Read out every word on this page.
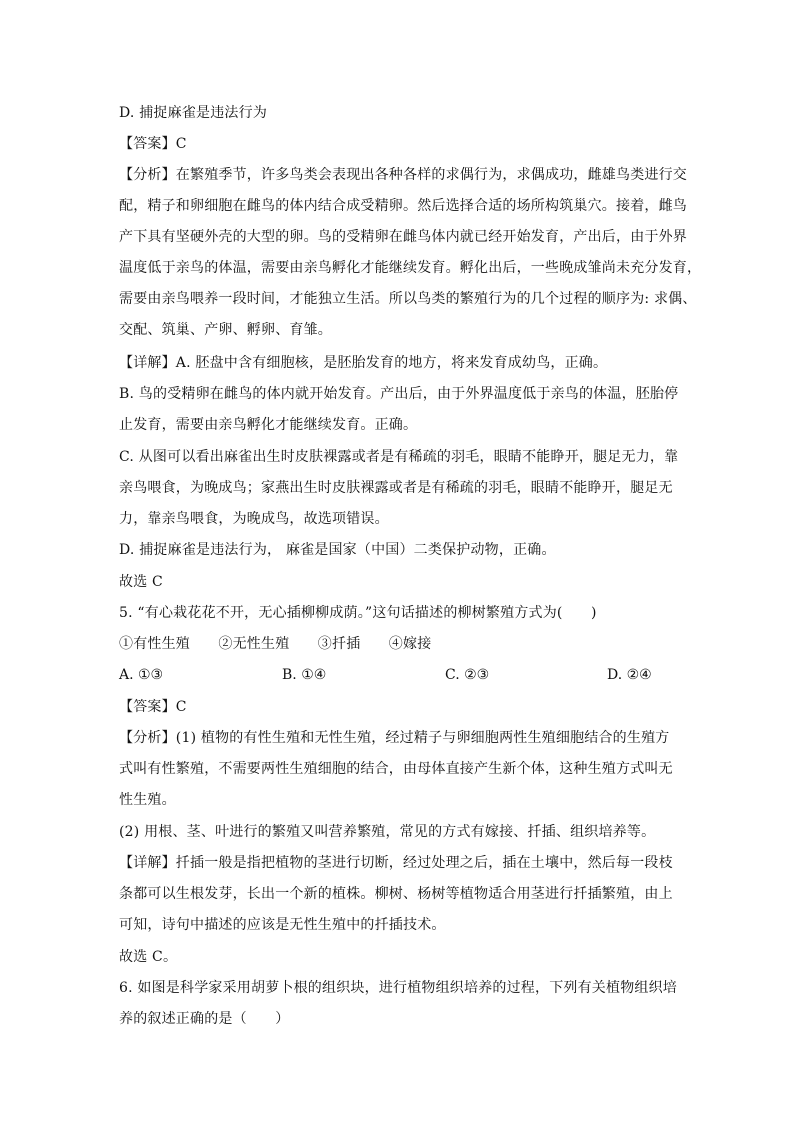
D. 捕捉麻雀是违法行为
【答案】C
【分析】在繁殖季节，许多鸟类会表现出各种各样的求偶行为，求偶成功，雌雄鸟类进行交
配，精子和卵细胞在雌鸟的体内结合成受精卵。然后选择合适的场所构筑巢穴。接着，雌鸟
产下具有坚硬外壳的大型的卵。鸟的受精卵在雌鸟体内就已经开始发育，产出后，由于外界
温度低于亲鸟的体温，需要由亲鸟孵化才能继续发育。孵化出后，一些晚成雏尚未充分发育，
需要由亲鸟喂养一段时间，才能独立生活。所以鸟类的繁殖行为的几个过程的顺序为: 求偶、
交配、筑巢、产卵、孵卵、育雏。
【详解】A. 胚盘中含有细胞核，是胚胎发育的地方，将来发育成幼鸟，正确。
B. 鸟的受精卵在雌鸟的体内就开始发育。产出后，由于外界温度低于亲鸟的体温，胚胎停
止发育，需要由亲鸟孵化才能继续发育。正确。
C. 从图可以看出麻雀出生时皮肤裸露或者是有稀疏的羽毛，眼睛不能睁开，腿足无力，靠
亲鸟喂食，为晚成鸟；家燕出生时皮肤裸露或者是有稀疏的羽毛，眼睛不能睁开，腿足无
力，靠亲鸟喂食，为晚成鸟，故选项错误。
D. 捕捉麻雀是违法行为， 麻雀是国家（中国）二类保护动物，正确。
故选 C
5. “有心栽花花不开，无心插柳柳成荫。”这句话描述的柳树繁殖方式为(　　)
①有性生殖　　②无性生殖　　③扦插　　④嫁接
A. ①③	B. ①④	C. ②③	D. ②④
【答案】C
【分析】(1) 植物的有性生殖和无性生殖，经过精子与卵细胞两性生殖细胞结合的生殖方
式叫有性繁殖，不需要两性生殖细胞的结合，由母体直接产生新个体，这种生殖方式叫无
性生殖。
(2) 用根、茎、叶进行的繁殖又叫营养繁殖，常见的方式有嫁接、扦插、组织培养等。
【详解】扦插一般是指把植物的茎进行切断，经过处理之后，插在土壤中，然后每一段枝
条都可以生根发芽，长出一个新的植株。柳树、杨树等植物适合用茎进行扦插繁殖，由上
可知，诗句中描述的应该是无性生殖中的扦插技术。
故选 C。
6. 如图是科学家采用胡萝卜根的组织块，进行植物组织培养的过程，下列有关植物组织培
养的叙述正确的是（　　）
